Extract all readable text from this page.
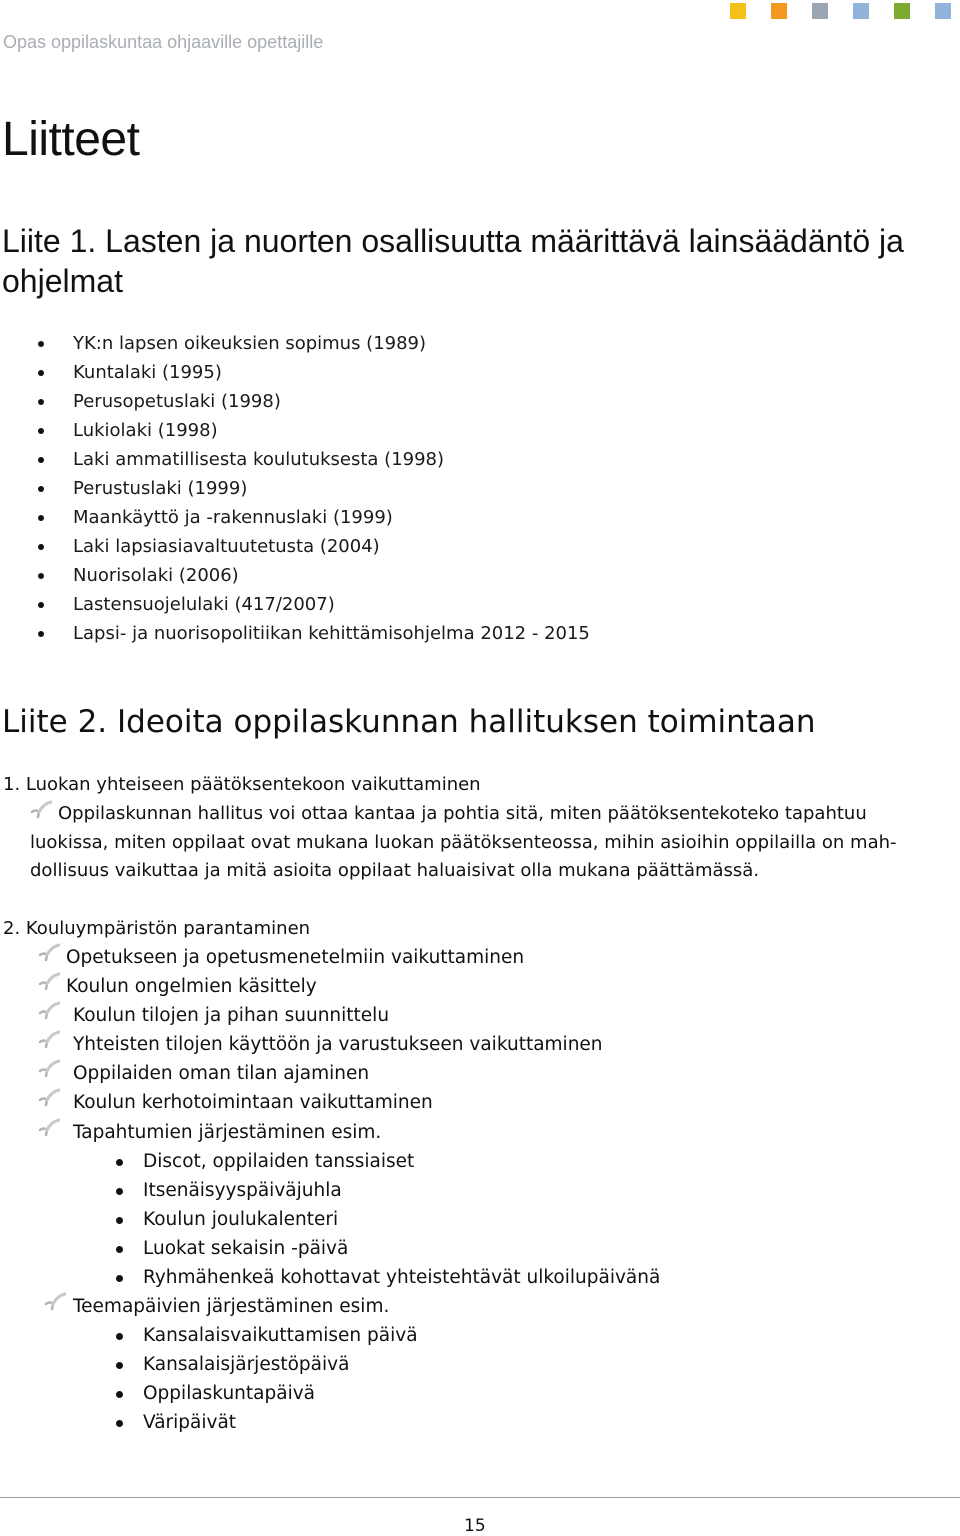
Opas oppilaskuntaa ohjaaville opettajille
Liitteet
Liite 1. Lasten ja nuorten osallisuutta määrittävä lainsäädäntö ja
ohjelmat
YK:n lapsen oikeuksien sopimus (1989)
Kuntalaki (1995)
Perusopetuslaki (1998)
Lukiolaki (1998)
Laki ammatillisesta koulutuksesta (1998)
Perustuslaki (1999)
Maankäyttö ja -rakennuslaki (1999)
Laki lapsiasiavaltuutetusta (2004)
Nuorisolaki (2006)
Lastensuojelulaki (417/2007)
Lapsi- ja nuorisopolitiikan kehittämisohjelma 2012 - 2015
Liite 2. Ideoita oppilaskunnan hallituksen toimintaan
1. Luokan yhteiseen päätöksentekoon vaikuttaminen
Oppilaskunnan hallitus voi ottaa kantaa ja pohtia sitä, miten päätöksentekoteko tapahtuu
luokissa, miten oppilaat ovat mukana luokan päätöksenteossa, mihin asioihin oppilailla on mah-
dollisuus vaikuttaa ja mitä asioita oppilaat haluaisivat olla mukana päättämässä.
2. Kouluympäristön parantaminen
Opetukseen ja opetusmenetelmiin vaikuttaminen
Koulun ongelmien käsittely
Koulun tilojen ja pihan suunnittelu
Yhteisten tilojen käyttöön ja varustukseen vaikuttaminen
Oppilaiden oman tilan ajaminen
Koulun kerhotoimintaan vaikuttaminen
Tapahtumien järjestäminen esim.
Discot, oppilaiden tanssiaiset
Itsenäisyyspäiväjuhla
Koulun joulukalenteri
Luokat sekaisin -päivä
Ryhmähenkeä kohottavat yhteistehtävät ulkoilupäivänä
Teemapäivien järjestäminen esim.
Kansalaisvaikuttamisen päivä
Kansalaisjärjestöpäivä
Oppilaskuntapäivä
Väripäivät
15
